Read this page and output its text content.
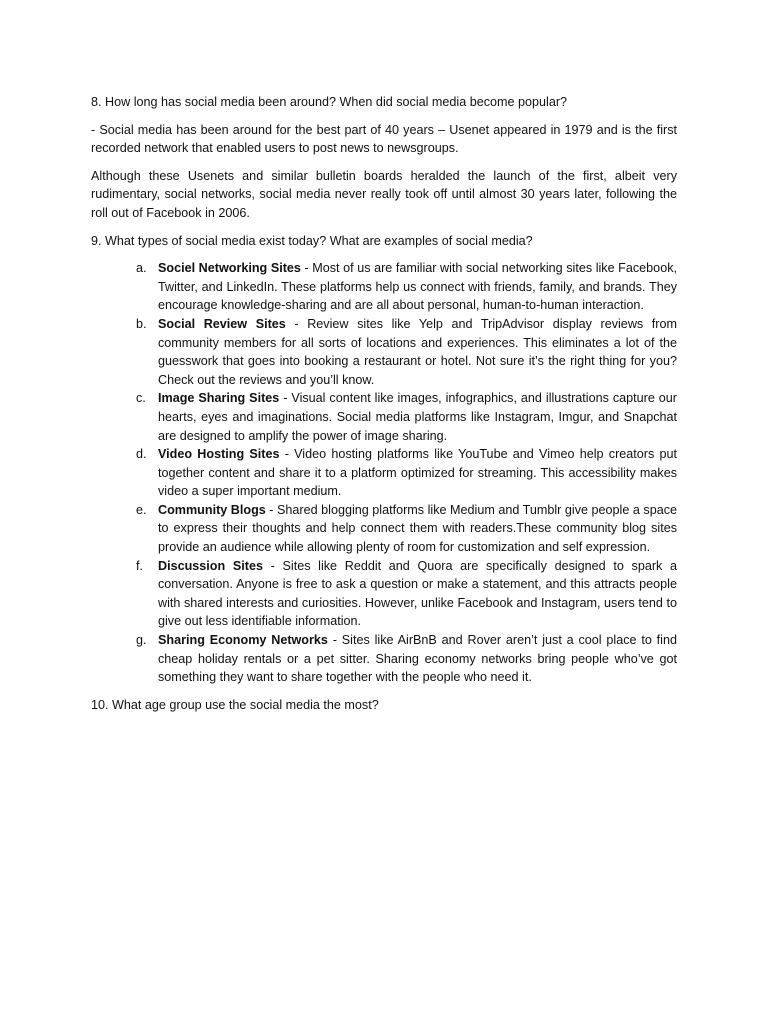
8. How long has social media been around? When did social media become popular?

- Social media has been around for the best part of 40 years – Usenet appeared in 1979 and is the first recorded network that enabled users to post news to newsgroups.

Although these Usenets and similar bulletin boards heralded the launch of the first, albeit very rudimentary, social networks, social media never really took off until almost 30 years later, following the roll out of Facebook in 2006.

9. What types of social media exist today? What are examples of social media?

a. Sociel Networking Sites - Most of us are familiar with social networking sites like Facebook, Twitter, and LinkedIn. These platforms help us connect with friends, family, and brands. They encourage knowledge-sharing and are all about personal, human-to-human interaction.
b. Social Review Sites - Review sites like Yelp and TripAdvisor display reviews from community members for all sorts of locations and experiences. This eliminates a lot of the guesswork that goes into booking a restaurant or hotel. Not sure it’s the right thing for you? Check out the reviews and you’ll know.
c. Image Sharing Sites - Visual content like images, infographics, and illustrations capture our hearts, eyes and imaginations. Social media platforms like Instagram, Imgur, and Snapchat are designed to amplify the power of image sharing.
d. Video Hosting Sites - Video hosting platforms like YouTube and Vimeo help creators put together content and share it to a platform optimized for streaming. This accessibility makes video a super important medium.
e. Community Blogs - Shared blogging platforms like Medium and Tumblr give people a space to express their thoughts and help connect them with readers.These community blog sites provide an audience while allowing plenty of room for customization and self expression.
f. Discussion Sites - Sites like Reddit and Quora are specifically designed to spark a conversation. Anyone is free to ask a question or make a statement, and this attracts people with shared interests and curiosities. However, unlike Facebook and Instagram, users tend to give out less identifiable information.
g. Sharing Economy Networks - Sites like AirBnB and Rover aren’t just a cool place to find cheap holiday rentals or a pet sitter. Sharing economy networks bring people who’ve got something they want to share together with the people who need it.

10. What age group use the social media the most?
